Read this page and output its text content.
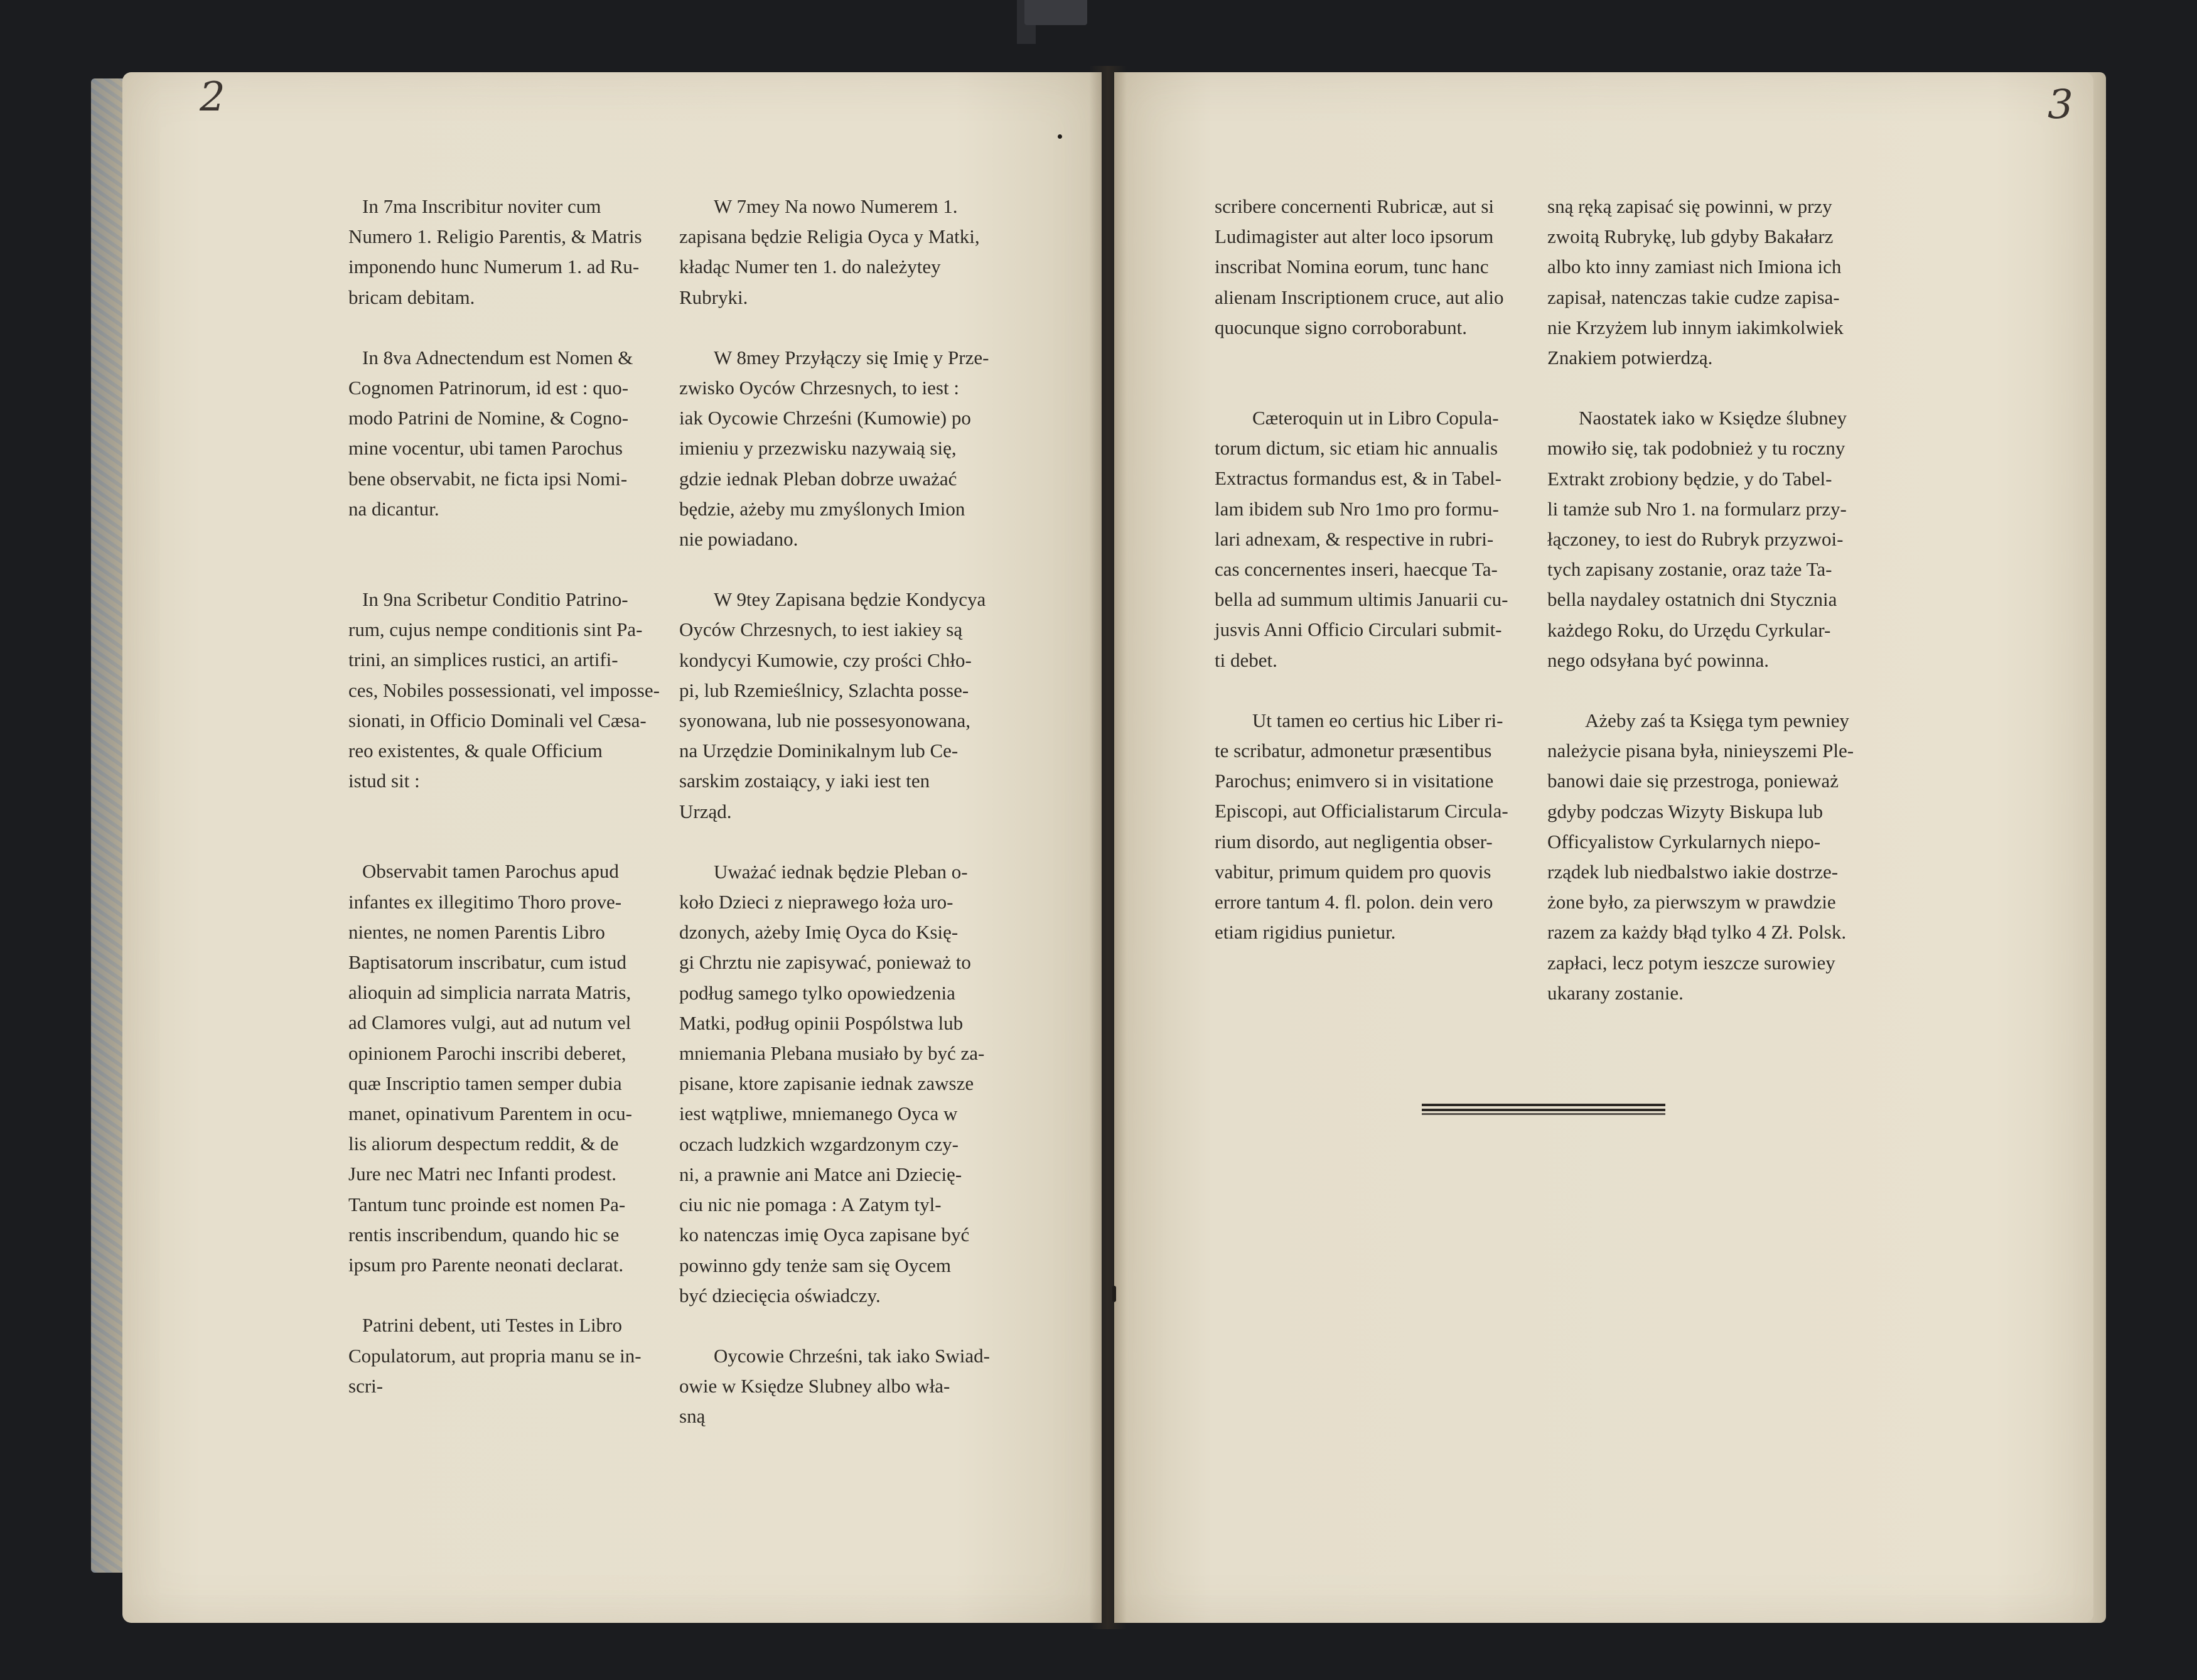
2	3

In 7ma Inscribitur noviter cum
Numero 1. Religio Parentis, & Matris
imponendo hunc Numerum 1. ad Ru-
bricam debitam.

In 8va Adnectendum est Nomen &
Cognomen Patrinorum, id est : quo-
modo Patrini de Nomine, & Cogno-
mine vocentur, ubi tamen Parochus
bene observabit, ne ficta ipsi Nomi-
na dicantur.

In 9na Scribetur Conditio Patrino-
rum, cujus nempe conditionis sint Pa-
trini, an simplices rustici, an artifi-
ces, Nobiles possessionati, vel imposse-
sionati, in Officio Dominali vel Cæsa-
reo existentes, & quale Officium
istud sit :

Observabit tamen Parochus apud
infantes ex illegitimo Thoro prove-
nientes, ne nomen Parentis Libro
Baptisatorum inscribatur, cum istud
alioquin ad simplicia narrata Matris,
ad Clamores vulgi, aut ad nutum vel
opinionem Parochi inscribi deberet,
quæ Inscriptio tamen semper dubia
manet, opinativum Parentem in ocu-
lis aliorum despectum reddit, & de
Jure nec Matri nec Infanti prodest.
Tantum tunc proinde est nomen Pa-
rentis inscribendum, quando hic se
ipsum pro Parente neonati declarat.

Patrini debent, uti Testes in Libro
Copulatorum, aut propria manu se in-
scri-

W 7mey Na nowo Numerem 1.
zapisana będzie Religia Oyca y Matki,
kładąc Numer ten 1. do należytey
Rubryki.

W 8mey Przyłączy się Imię y Prze-
zwisko Oyców Chrzesnych, to iest :
iak Oycowie Chrześni (Kumowie) po
imieniu y przezwisku nazywaią się,
gdzie iednak Pleban dobrze uważać
będzie, ażeby mu zmyślonych Imion
nie powiadano.

W 9tey Zapisana będzie Kondycya
Oyców Chrzesnych, to iest iakiey są
kondycyi Kumowie, czy prości Chło-
pi, lub Rzemieślnicy, Szlachta posse-
syonowana, lub nie possesyonowana,
na Urzędzie Dominikalnym lub Ce-
sarskim zostaiący, y iaki iest ten
Urząd.

Uważać iednak będzie Pleban o-
koło Dzieci z nieprawego łoża uro-
dzonych, ażeby Imię Oyca do Księ-
gi Chrztu nie zapisywać, ponieważ to
podług samego tylko opowiedzenia
Matki, podług opinii Pospólstwa lub
mniemania Plebana musiało by być za-
pisane, ktore zapisanie iednak zawsze
iest wątpliwe, mniemanego Oyca w
oczach ludzkich wzgardzonym czy-
ni, a prawnie ani Matce ani Dziecię-
ciu nic nie pomaga : A Zatym tyl-
ko natenczas imię Oyca zapisane być
powinno gdy tenże sam się Oycem
być dziecięcia oświadczy.

Oycowie Chrześni, tak iako Swiad-
owie w Księdze Slubney albo wła-
sną

scribere concernenti Rubricæ, aut si
Ludimagister aut alter loco ipsorum
inscribat Nomina eorum, tunc hanc
alienam Inscriptionem cruce, aut alio
quocunque signo corroborabunt.

Cæteroquin ut in Libro Copula-
torum dictum, sic etiam hic annualis
Extractus formandus est, & in Tabel-
lam ibidem sub Nro 1mo pro formu-
lari adnexam, & respective in rubri-
cas concernentes inseri, haecque Ta-
bella ad summum ultimis Januarii cu-
jusvis Anni Officio Circulari submit-
ti debet.

Ut tamen eo certius hic Liber ri-
te scribatur, admonetur præsentibus
Parochus; enimvero si in visitatione
Episcopi, aut Officialistarum Circula-
rium disordo, aut negligentia obser-
vabitur, primum quidem pro quovis
errore tantum 4. fl. polon. dein vero
etiam rigidius punietur.

sną ręką zapisać się powinni, w przy
zwoitą Rubrykę, lub gdyby Bakałarz
albo kto inny zamiast nich Imiona ich
zapisał, natenczas takie cudze zapisa-
nie Krzyżem lub innym iakimkolwiek
Znakiem potwierdzą.

Naostatek iako w Księdze ślubney
mowiło się, tak podobnież y tu roczny
Extrakt zrobiony będzie, y do Tabel-
li tamże sub Nro 1. na formularz przy-
łączoney, to iest do Rubryk przyzwoi-
tych zapisany zostanie, oraz taże Ta-
bella naydaley ostatnich dni Stycznia
każdego Roku, do Urzędu Cyrkular-
nego odsyłana być powinna.

Ażeby zaś ta Księga tym pewniey
należycie pisana była, ninieyszemi Ple-
banowi daie się przestroga, ponieważ
gdyby podczas Wizyty Biskupa lub
Officyalistow Cyrkularnych niepo-
rządek lub niedbalstwo iakie dostrze-
żone było, za pierwszym w prawdzie
razem za każdy błąd tylko 4 Zł. Polsk.
zapłaci, lecz potym ieszcze surowiey
ukarany zostanie.
